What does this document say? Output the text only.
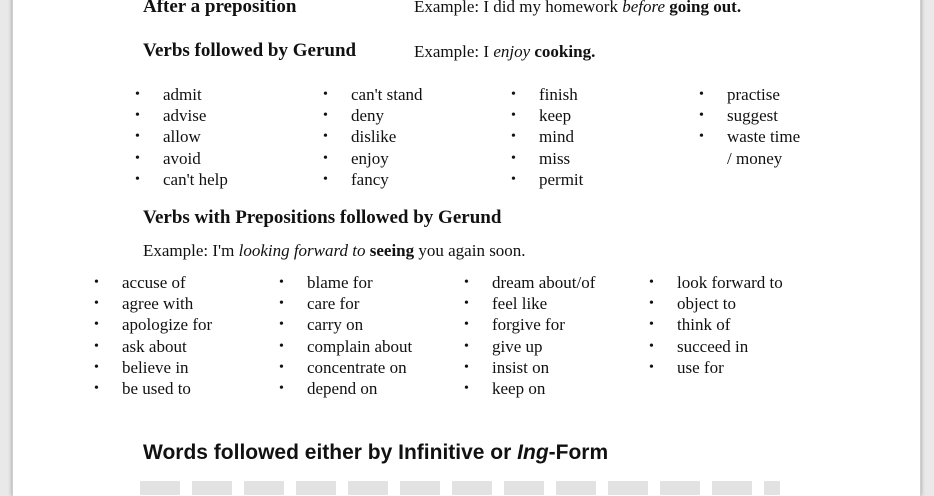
After a preposition	Example: I did my homework before going out.
Verbs followed by Gerund	Example: I enjoy cooking.
• admit
• advise
• allow
• avoid
• can't help
• can't stand
• deny
• dislike
• enjoy
• fancy
• finish
• keep
• mind
• miss
• permit
• practise
• suggest
• waste time
/ money
Verbs with Prepositions followed by Gerund
Example: I'm looking forward to seeing you again soon.
• accuse of
• agree with
• apologize for
• ask about
• believe in
• be used to
• blame for
• care for
• carry on
• complain about
• concentrate on
• depend on
• dream about/of
• feel like
• forgive for
• give up
• insist on
• keep on
• look forward to
• object to
• think of
• succeed in
• use for
Words followed either by Infinitive or Ing-Form
